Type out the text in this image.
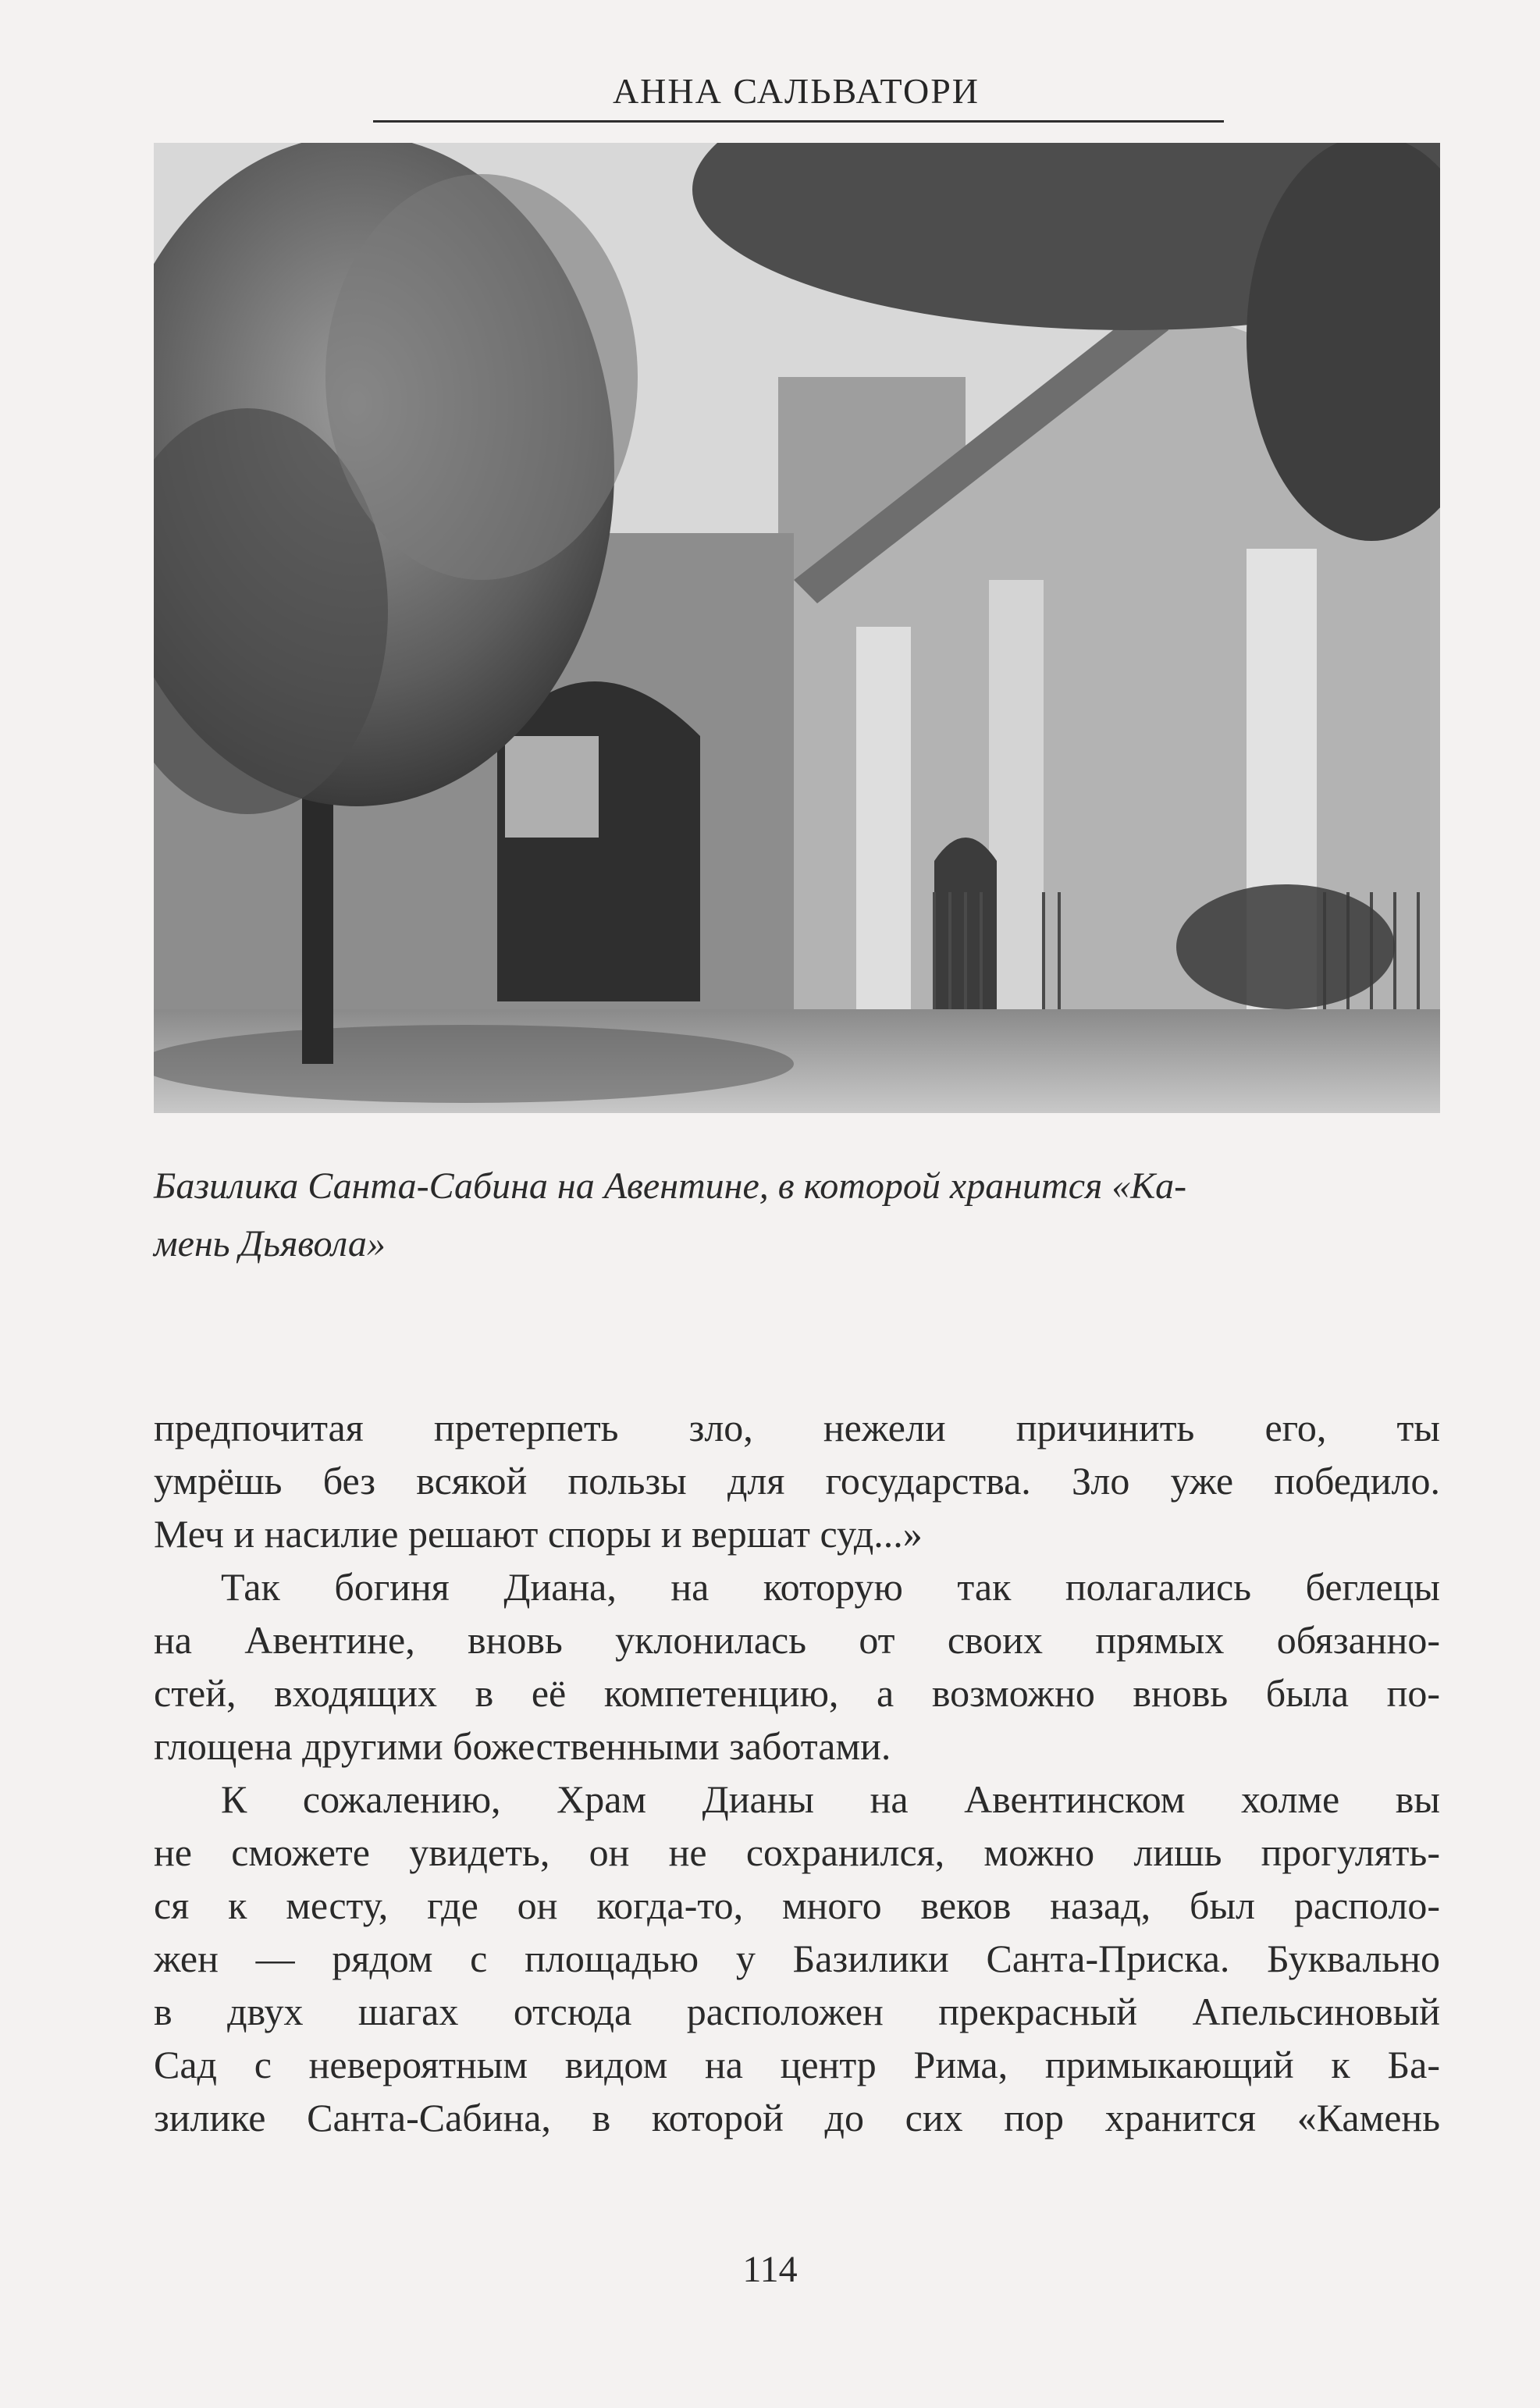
АННА САЛЬВАТОРИ
Базилика Санта-Сабина на Авентине, в которой хранится «Ка-
мень Дьявола»
предпочитая претерпеть зло, нежели причинить его, ты
умрёшь без всякой пользы для государства. Зло уже победило.
Меч и насилие решают споры и вершат суд...»
Так богиня Диана, на которую так полагались беглецы
на Авентине, вновь уклонилась от своих прямых обязанно-
стей, входящих в её компетенцию, а возможно вновь была по-
глощена другими божественными заботами.
К сожалению, Храм Дианы на Авентинском холме вы
не сможете увидеть, он не сохранился, можно лишь прогулять-
ся к месту, где он когда-то, много веков назад, был располо-
жен — рядом с площадью у Базилики Санта-Приска. Буквально
в двух шагах отсюда расположен прекрасный Апельсиновый
Сад с невероятным видом на центр Рима, примыкающий к Ба-
зилике Санта-Сабина, в которой до сих пор хранится «Камень
114
